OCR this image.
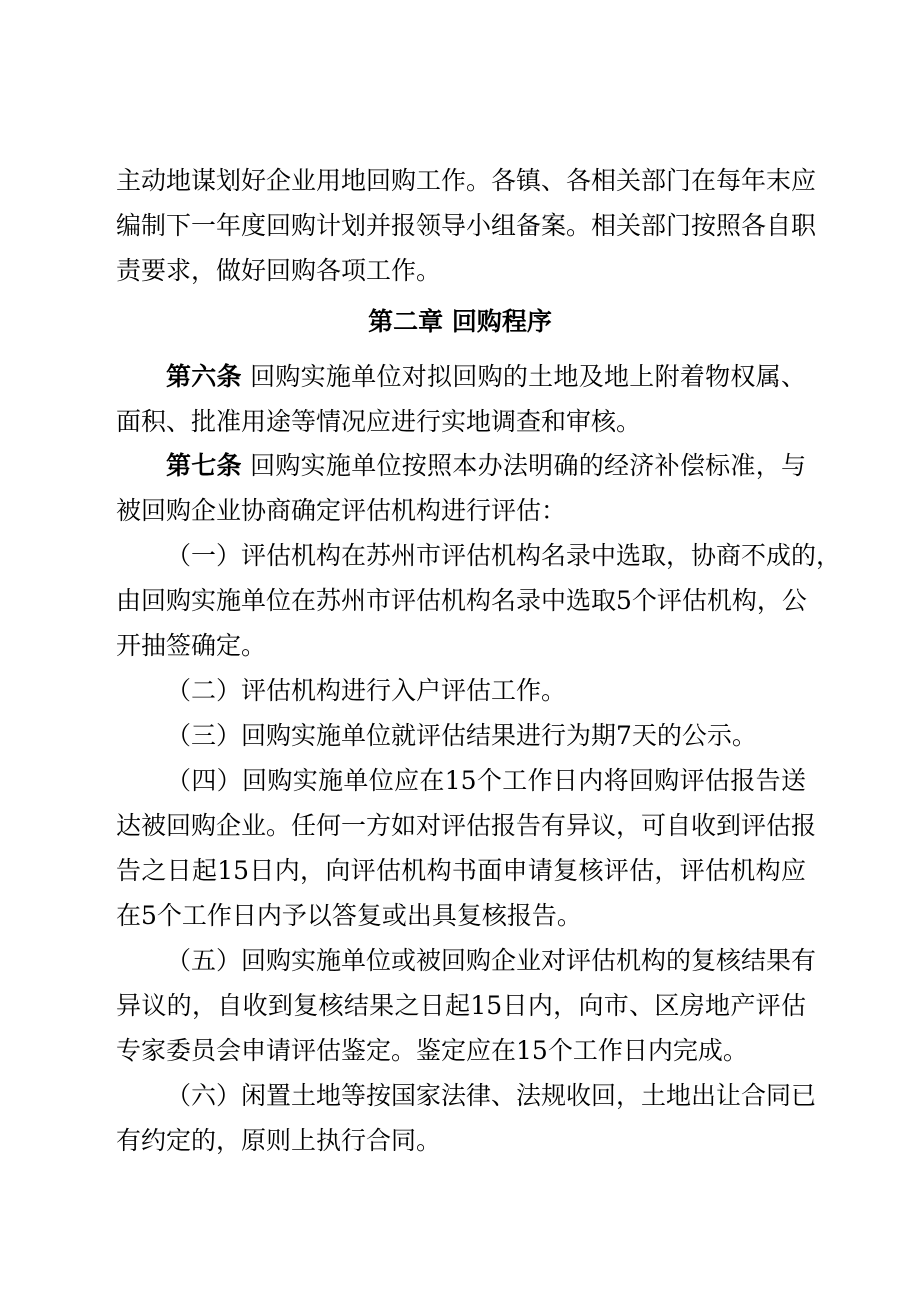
主动地谋划好企业用地回购工作。各镇、各相关部门在每年末应
编制下一年度回购计划并报领导小组备案。相关部门按照各自职
责要求，做好回购各项工作。
第二章 回购程序
第六条 回购实施单位对拟回购的土地及地上附着物权属、
面积、批准用途等情况应进行实地调查和审核。
第七条 回购实施单位按照本办法明确的经济补偿标准，与
被回购企业协商确定评估机构进行评估：
（一）评估机构在苏州市评估机构名录中选取，协商不成的，
由回购实施单位在苏州市评估机构名录中选取5个评估机构，公
开抽签确定。
（二）评估机构进行入户评估工作。
（三）回购实施单位就评估结果进行为期7天的公示。
（四）回购实施单位应在15个工作日内将回购评估报告送
达被回购企业。任何一方如对评估报告有异议，可自收到评估报
告之日起15日内，向评估机构书面申请复核评估，评估机构应
在5个工作日内予以答复或出具复核报告。
（五）回购实施单位或被回购企业对评估机构的复核结果有
异议的，自收到复核结果之日起15日内，向市、区房地产评估
专家委员会申请评估鉴定。鉴定应在15个工作日内完成。
（六）闲置土地等按国家法律、法规收回，土地出让合同已
有约定的，原则上执行合同。
